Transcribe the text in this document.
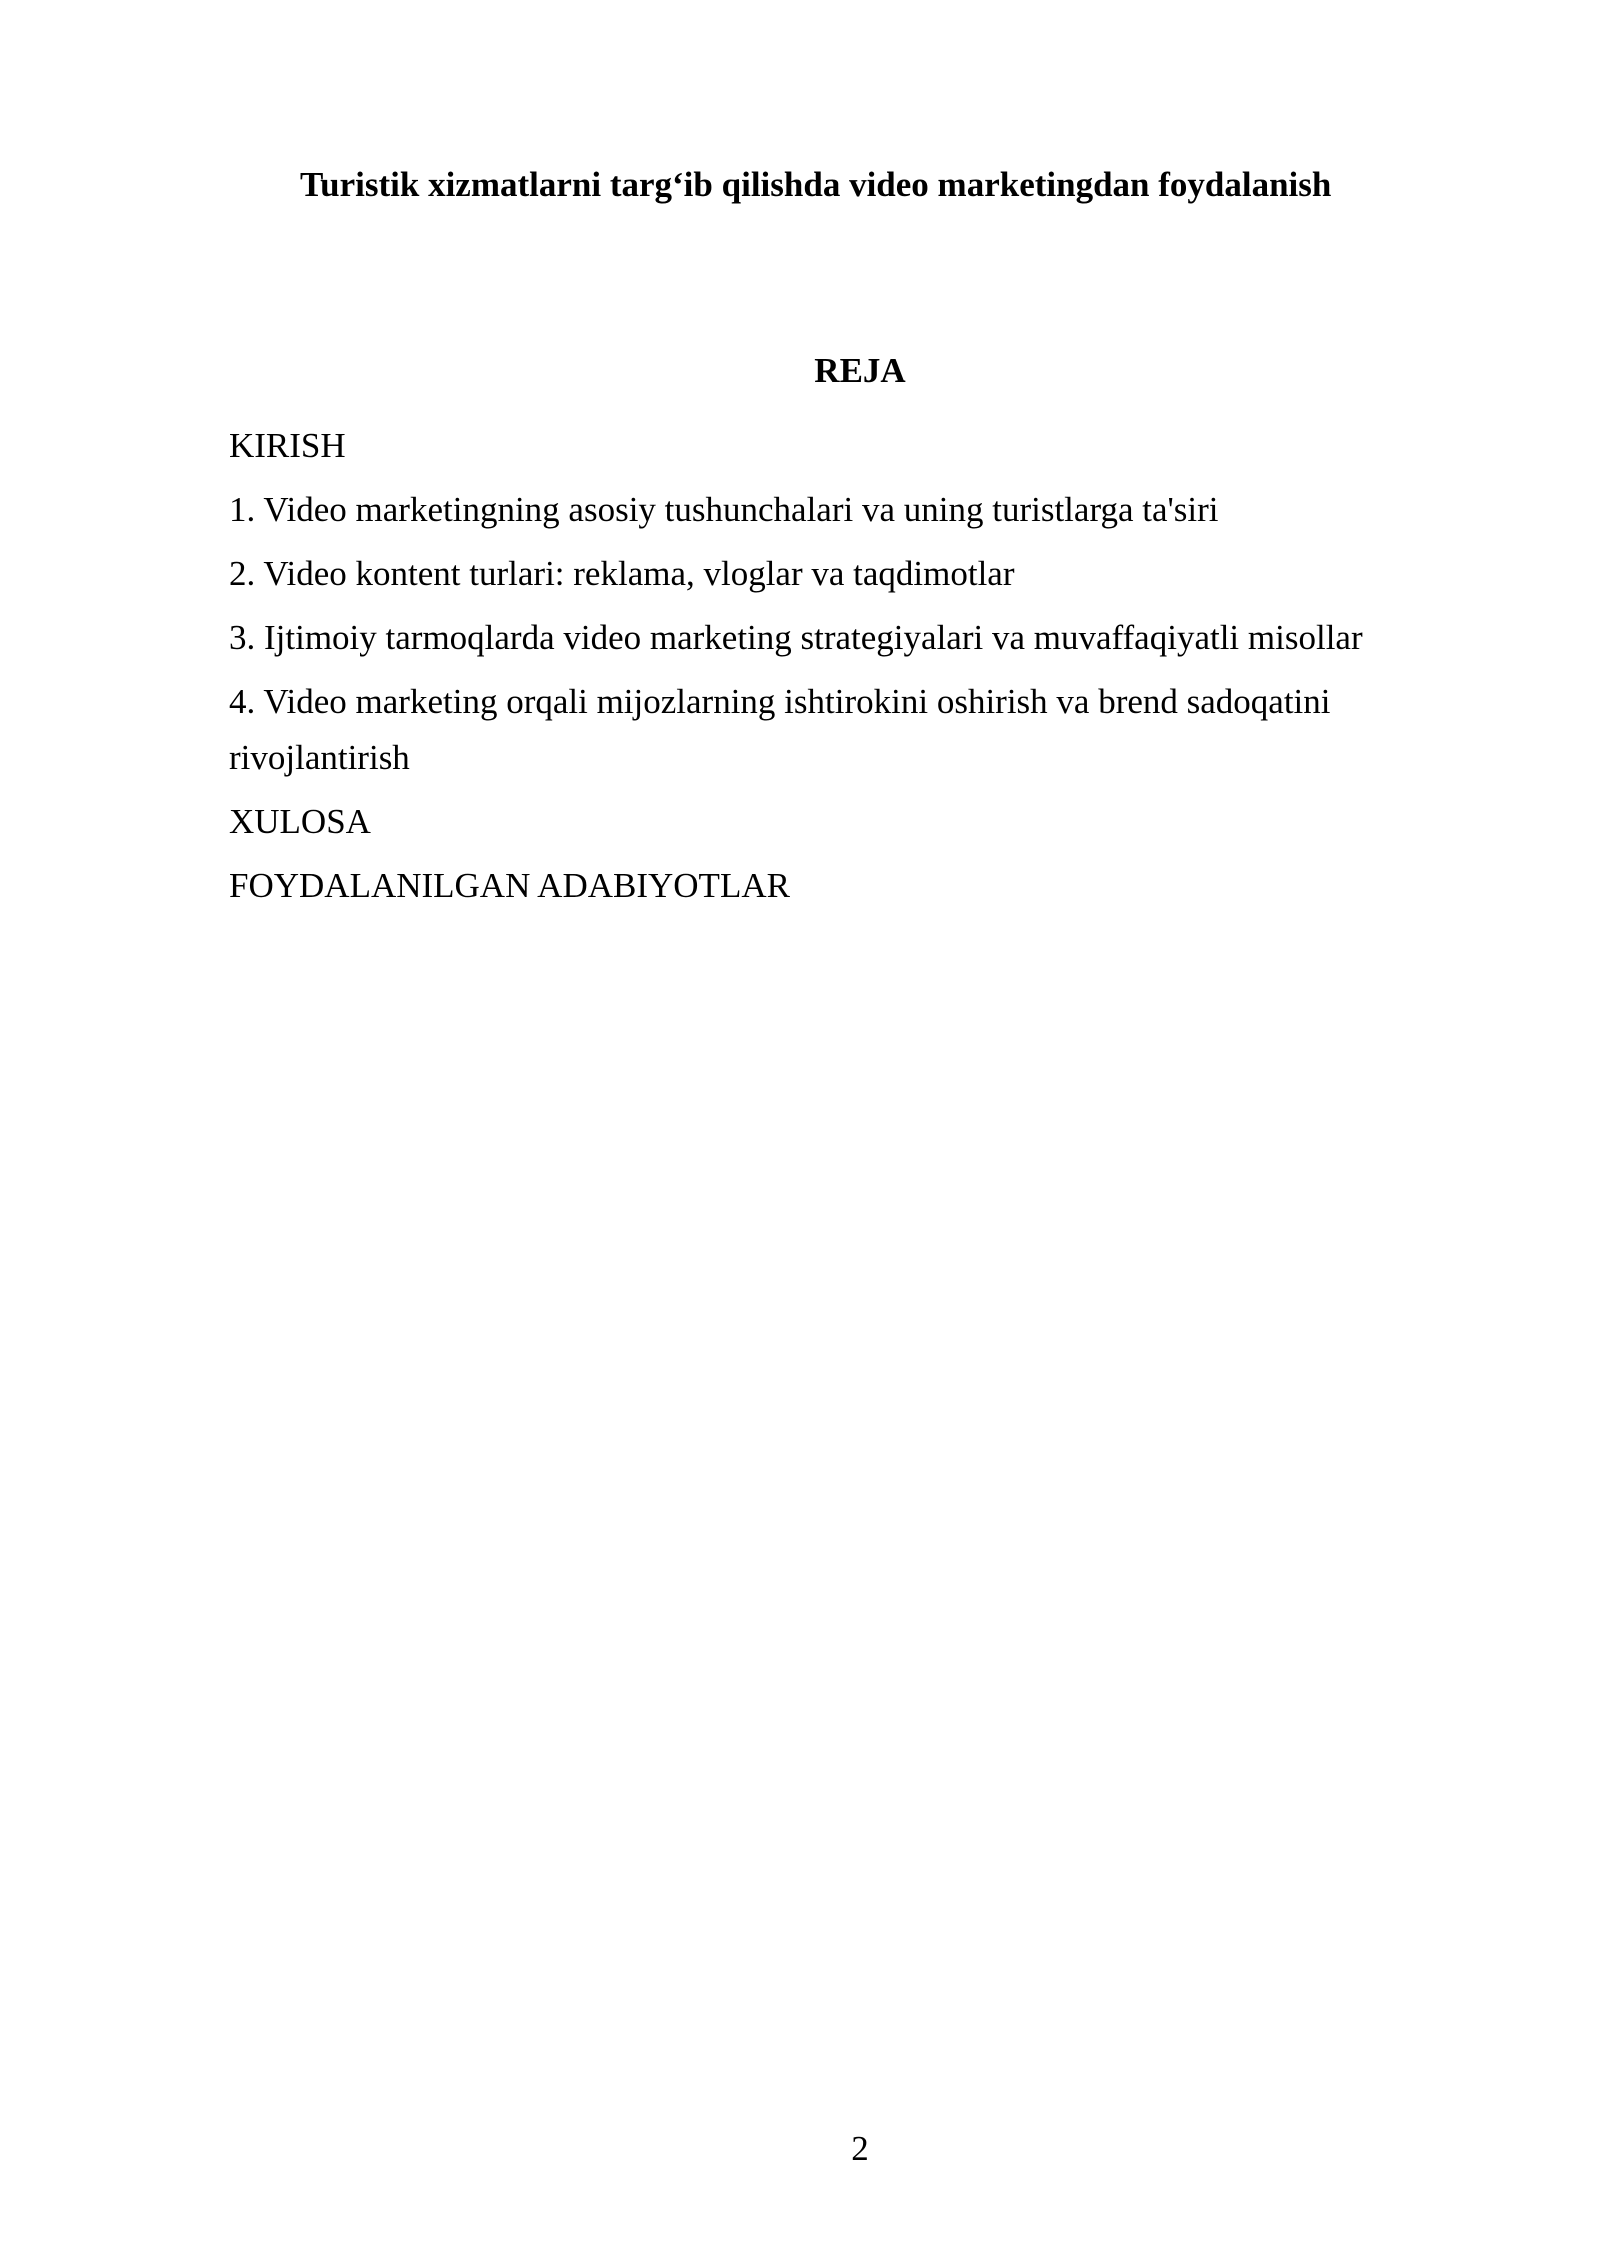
Turistik xizmatlarni targ‘ib qilishda video marketingdan foydalanish
REJA
KIRISH
1. Video marketingning asosiy tushunchalari va uning turistlarga ta'siri
2. Video kontent turlari: reklama, vloglar va taqdimotlar
3. Ijtimoiy tarmoqlarda video marketing strategiyalari va muvaffaqiyatli misollar
4. Video marketing orqali mijozlarning ishtirokini oshirish va brend sadoqatini rivojlantirish
XULOSA
FOYDALANILGAN ADABIYOTLAR
2
